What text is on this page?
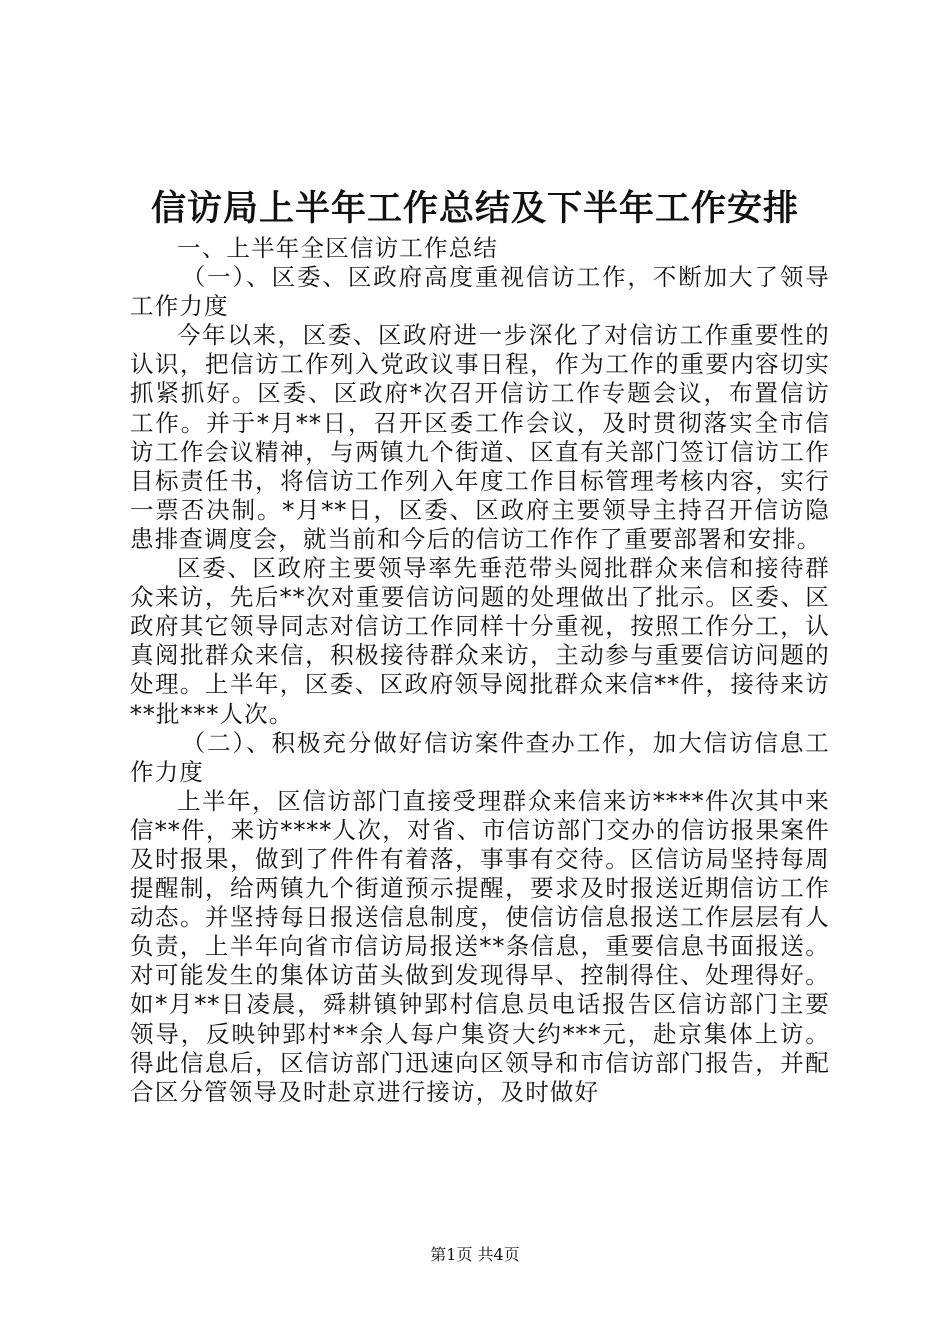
信访局上半年工作总结及下半年工作安排

一、上半年全区信访工作总结

（一）、区委、区政府高度重视信访工作，不断加大了领导工作力度

今年以来，区委、区政府进一步深化了对信访工作重要性的认识，把信访工作列入党政议事日程，作为工作的重要内容切实抓紧抓好。区委、区政府*次召开信访工作专题会议，布置信访工作。并于*月**日，召开区委工作会议，及时贯彻落实全市信访工作会议精神，与两镇九个街道、区直有关部门签订信访工作目标责任书，将信访工作列入年度工作目标管理考核内容，实行一票否决制。*月**日，区委、区政府主要领导主持召开信访隐患排查调度会，就当前和今后的信访工作作了重要部署和安排。

区委、区政府主要领导率先垂范带头阅批群众来信和接待群众来访，先后**次对重要信访问题的处理做出了批示。区委、区政府其它领导同志对信访工作同样十分重视，按照工作分工，认真阅批群众来信，积极接待群众来访，主动参与重要信访问题的处理。上半年，区委、区政府领导阅批群众来信**件，接待来访**批***人次。

（二）、积极充分做好信访案件查办工作，加大信访信息工作力度

上半年，区信访部门直接受理群众来信来访****件次其中来信**件，来访****人次，对省、市信访部门交办的信访报果案件及时报果，做到了件件有着落，事事有交待。区信访局坚持每周提醒制，给两镇九个街道预示提醒，要求及时报送近期信访工作动态。并坚持每日报送信息制度，使信访信息报送工作层层有人负责，上半年向省市信访局报送**条信息，重要信息书面报送。对可能发生的集体访苗头做到发现得早、控制得住、处理得好。如*月**日凌晨，舜耕镇钟郢村信息员电话报告区信访部门主要领导，反映钟郢村**余人每户集资大约***元，赴京集体上访。得此信息后，区信访部门迅速向区领导和市信访部门报告，并配合区分管领导及时赴京进行接访，及时做好

第1页 共4页
